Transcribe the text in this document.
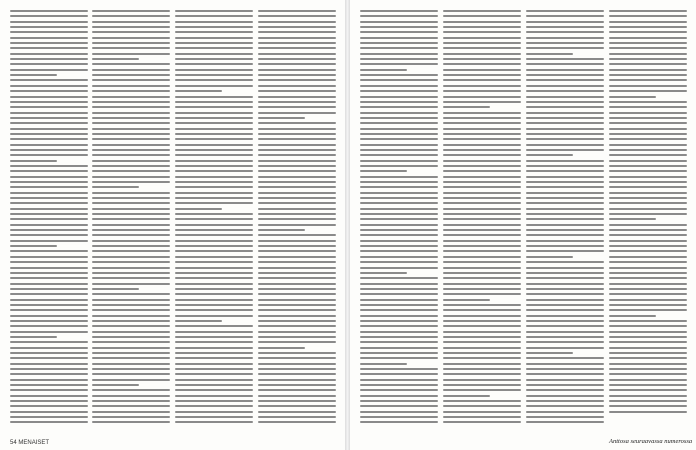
54 MENAISET	Anttosa seuraavassa numerossa
